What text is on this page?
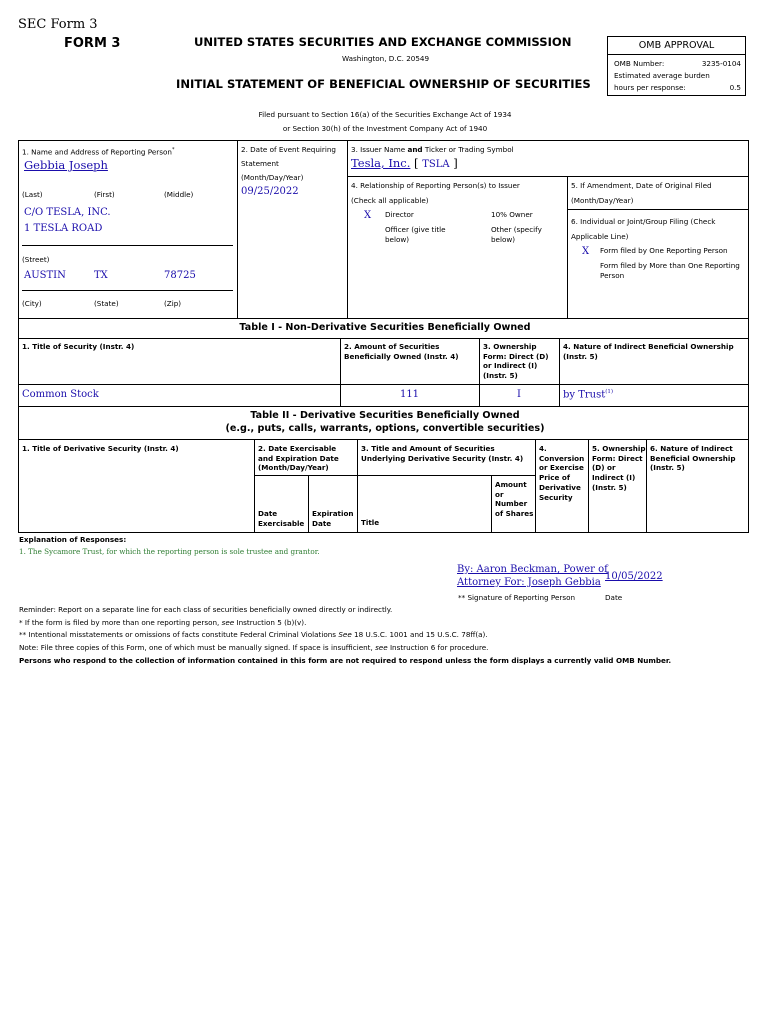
SEC Form 3
FORM 3	UNITED STATES SECURITIES AND EXCHANGE COMMISSION
Washington, D.C. 20549
INITIAL STATEMENT OF BENEFICIAL OWNERSHIP OF SECURITIES
OMB APPROVAL
OMB Number:	3235-0104
Estimated average burden
hours per response:	0.5
Filed pursuant to Section 16(a) of the Securities Exchange Act of 1934
or Section 30(h) of the Investment Company Act of 1940
1. Name and Address of Reporting Person*
Gebbia Joseph
(Last)	(First)	(Middle)
C/O TESLA, INC.
1 TESLA ROAD
(Street)
AUSTIN	TX	78725
(City)	(State)	(Zip)
2. Date of Event Requiring
Statement
(Month/Day/Year)
09/25/2022
3. Issuer Name and Ticker or Trading Symbol
Tesla, Inc. [ TSLA ]
4. Relationship of Reporting Person(s) to Issuer
(Check all applicable)
X Director	10% Owner
Officer (give title
below)
Other (specify
below)
5. If Amendment, Date of Original Filed
(Month/Day/Year)
6. Individual or Joint/Group Filing (Check
Applicable Line)
X Form filed by One Reporting Person
Form filed by More than One Reporting
Person
Table I - Non-Derivative Securities Beneficially Owned
1. Title of Security (Instr. 4)	2. Amount of Securities Beneficially Owned (Instr. 4)
3. Ownership Form: Direct (D) or Indirect (I) (Instr. 5)
4. Nature of Indirect Beneficial Ownership (Instr. 5)
Common Stock	111	I	by Trust$^{(1)}$
Table II - Derivative Securities Beneficially Owned
(e.g., puts, calls, warrants, options, convertible securities)
1. Title of Derivative Security (Instr. 4)	2. Date Exercisable and Expiration Date (Month/Day/Year)
3. Title and Amount of Securities Underlying Derivative Security (Instr. 4)
4. Conversion or Exercise Price of Derivative Security
5. Ownership Form: Direct (D) or Indirect (I) (Instr. 5)
6. Nature of Indirect Beneficial Ownership (Instr. 5)
Date Exercisable
Expiration Date	Title
Amount or Number of Shares
Explanation of Responses:
1. The Sycamore Trust, for which the reporting person is sole trustee and grantor.
By: Aaron Beckman, Power of
Attorney For: Joseph Gebbia
10/05/2022
** Signature of Reporting Person	Date
Reminder: Report on a separate line for each class of securities beneficially owned directly or indirectly.
* If the form is filed by more than one reporting person, see Instruction 5 (b)(v).
** Intentional misstatements or omissions of facts constitute Federal Criminal Violations See 18 U.S.C. 1001 and 15 U.S.C. 78ff(a).
Note: File three copies of this Form, one of which must be manually signed. If space is insufficient, see Instruction 6 for procedure.
Persons who respond to the collection of information contained in this form are not required to respond unless the form displays a currently valid OMB Number.
